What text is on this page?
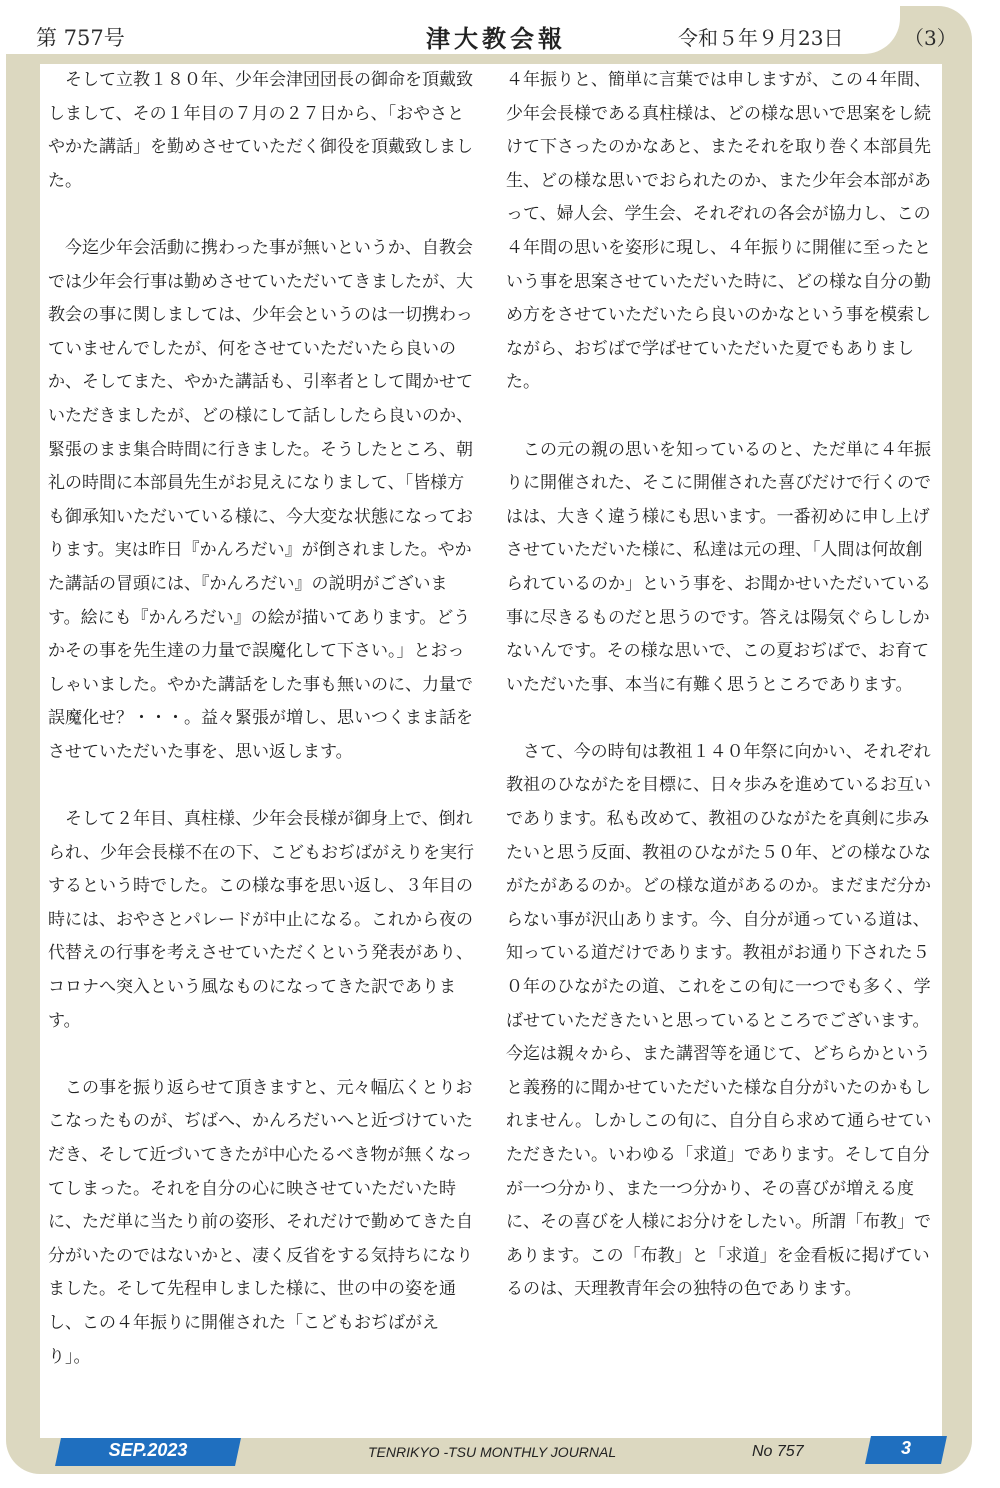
第 757号	津大教会報	令和５年９月23日	（3）

　そして立教１８０年、少年会津団団長の御命を頂戴致しまして、その１年目の７月の２７日から、「おやさとやかた講話」を勤めさせていただく御役を頂戴致しました。

　今迄少年会活動に携わった事が無いというか、自教会では少年会行事は勤めさせていただいてきましたが、大教会の事に関しましては、少年会というのは一切携わっていませんでしたが、何をさせていただいたら良いのか、そしてまた、やかた講話も、引率者として聞かせていただきましたが、どの様にして話ししたら良いのか、緊張のまま集合時間に行きました。そうしたところ、朝礼の時間に本部員先生がお見えになりまして、「皆様方も御承知いただいている様に、今大変な状態になっております。実は昨日『かんろだい』が倒されました。やかた講話の冒頭には、『かんろだい』の説明がございます。絵にも『かんろだい』の絵が描いてあります。どうかその事を先生達の力量で誤魔化して下さい。」とおっしゃいました。やかた講話をした事も無いのに、力量で誤魔化せ？・・・。益々緊張が増し、思いつくまま話をさせていただいた事を、思い返します。

　そして２年目、真柱様、少年会長様が御身上で、倒れられ、少年会長様不在の下、こどもおぢばがえりを実行するという時でした。この様な事を思い返し、３年目の時には、おやさとパレードが中止になる。これから夜の代替えの行事を考えさせていただくという発表があり、コロナへ突入という風なものになってきた訳であります。

　この事を振り返らせて頂きますと、元々幅広くとりおこなったものが、ぢばへ、かんろだいへと近づけていただき、そして近づいてきたが中心たるべき物が無くなってしまった。それを自分の心に映させていただいた時に、ただ単に当たり前の姿形、それだけで勤めてきた自分がいたのではないかと、凄く反省をする気持ちになりました。そして先程申しました様に、世の中の姿を通し、この４年振りに開催された「こどもおぢばがえり」。

４年振りと、簡単に言葉では申しますが、この４年間、少年会長様である真柱様は、どの様な思いで思案をし続けて下さったのかなあと、またそれを取り巻く本部員先生、どの様な思いでおられたのか、また少年会本部があって、婦人会、学生会、それぞれの各会が協力し、この４年間の思いを姿形に現し、４年振りに開催に至ったという事を思案させていただいた時に、どの様な自分の勤め方をさせていただいたら良いのかなという事を模索しながら、おぢばで学ばせていただいた夏でもありました。

　この元の親の思いを知っているのと、ただ単に４年振りに開催された、そこに開催された喜びだけで行くのではは、大きく違う様にも思います。一番初めに申し上げさせていただいた様に、私達は元の理、「人間は何故創られているのか」という事を、お聞かせいただいている事に尽きるものだと思うのです。答えは陽気ぐらししかないんです。その様な思いで、この夏おぢばで、お育ていただいた事、本当に有難く思うところであります。

　さて、今の時旬は教祖１４０年祭に向かい、それぞれ教祖のひながたを目標に、日々歩みを進めているお互いであります。私も改めて、教祖のひながたを真剣に歩みたいと思う反面、教祖のひながた５０年、どの様なひながたがあるのか。どの様な道があるのか。まだまだ分からない事が沢山あります。今、自分が通っている道は、知っている道だけであります。教祖がお通り下された５０年のひながたの道、これをこの旬に一つでも多く、学ばせていただきたいと思っているところでございます。今迄は親々から、また講習等を通じて、どちらかというと義務的に聞かせていただいた様な自分がいたのかもしれません。しかしこの旬に、自分自ら求めて通らせていただきたい。いわゆる「求道」であります。そして自分が一つ分かり、また一つ分かり、その喜びが増える度に、その喜びを人様にお分けをしたい。所謂「布教」であります。この「布教」と「求道」を金看板に掲げているのは、天理教青年会の独特の色であります。

SEP.2023	TENRIKYO -TSU MONTHLY JOURNAL	No 757	3
